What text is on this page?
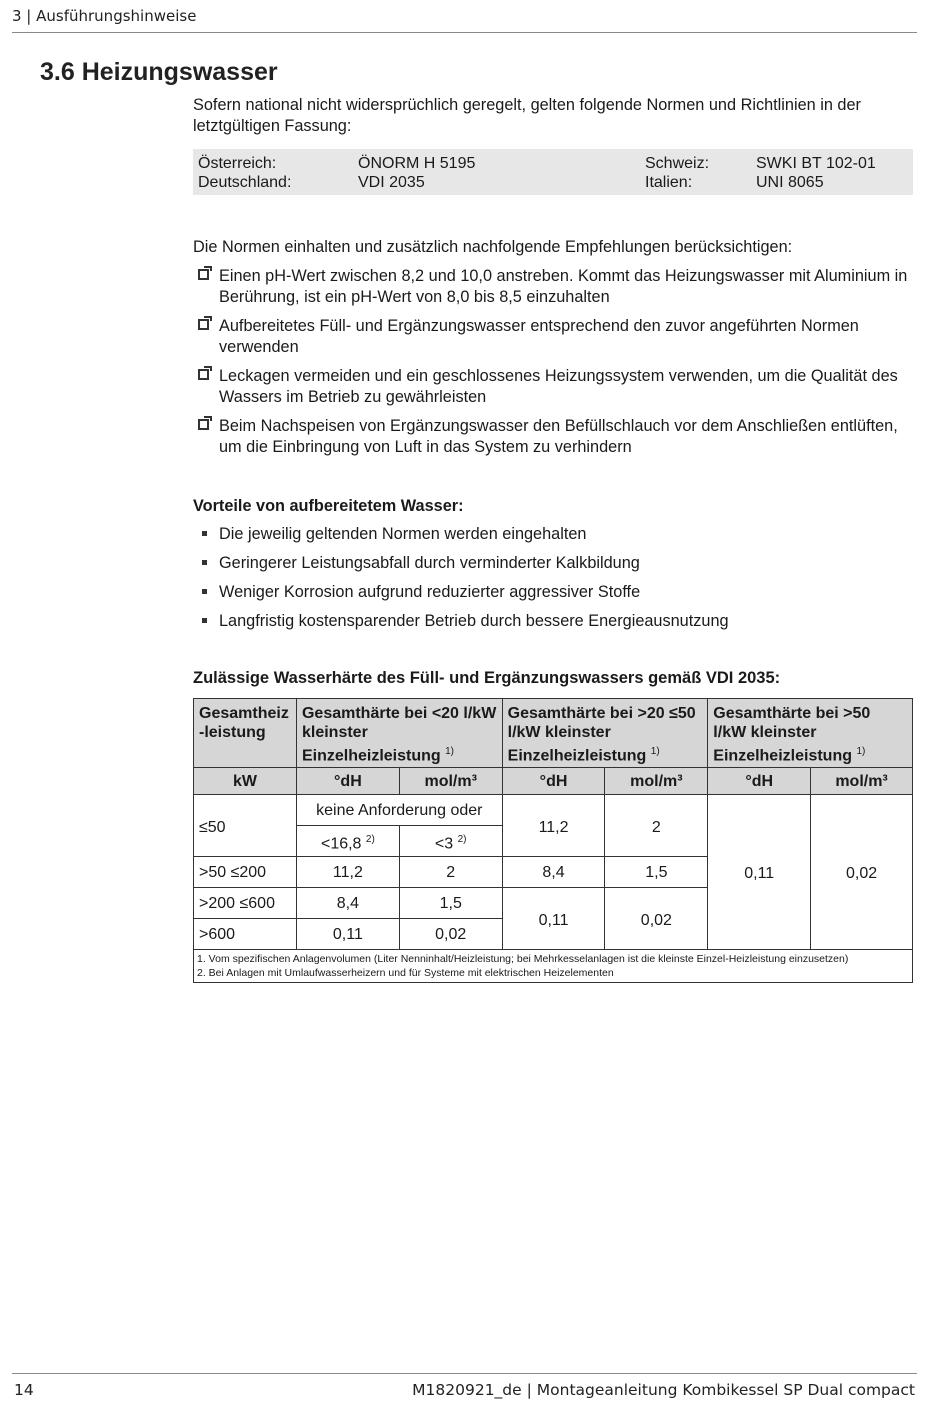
3 | Ausführungshinweise
3.6 Heizungswasser

Sofern national nicht widersprüchlich geregelt, gelten folgende Normen und Richtlinien in der letztgültigen Fassung:

Österreich:	ÖNORM H 5195
Deutschland:	VDI 2035
Schweiz:	SWKI BT 102-01
Italien:	UNI 8065
Die Normen einhalten und zusätzlich nachfolgende Empfehlungen berücksichtigen:
Einen pH-Wert zwischen 8,2 und 10,0 anstreben. Kommt das Heizungswasser mit Aluminium in Berührung, ist ein pH-Wert von 8,0 bis 8,5 einzuhalten
Aufbereitetes Füll- und Ergänzungswasser entsprechend den zuvor angeführten Normen verwenden
Leckagen vermeiden und ein geschlossenes Heizungssystem verwenden, um die Qualität des Wassers im Betrieb zu gewährleisten
Beim Nachspeisen von Ergänzungswasser den Befüllschlauch vor dem Anschließen entlüften, um die Einbringung von Luft in das System zu verhindern
Vorteile von aufbereitetem Wasser:
Die jeweilig geltenden Normen werden eingehalten
Geringerer Leistungsabfall durch verminderter Kalkbildung
Weniger Korrosion aufgrund reduzierter aggressiver Stoffe
Langfristig kostensparender Betrieb durch bessere Energieausnutzung
Zulässige Wasserhärte des Füll- und Ergänzungswassers gemäß VDI 2035:
Gesamtheiz -leistung	Gesamthärte bei <20 l/kW kleinster Einzelheizleistung $^{1)}$		Gesamthärte bei >20 ≤50 l/kW kleinster Einzelheizleistung $^{1)}$		Gesamthärte bei >50 l/kW kleinster Einzelheizleistung $^{1)}$
kW	°dH	mol/m³	°dH	mol/m³	°dH	mol/m³
≤50	keine Anforderung oder		11,2	2	0,11	0,02
	<16,8 $^{2)}$	<3 $^{2)}$
>50 ≤200	11,2	2	8,4	1,5		
>200 ≤600	8,4	1,5	0,11	0,02		
>600	0,11	0,02				

1. Vom spezifischen Anlagenvolumen (Liter Nenninhalt/Heizleistung; bei Mehrkesselanlagen ist die kleinste Einzel-Heizleistung einzusetzen)
2. Bei Anlagen mit Umlaufwasserheizern und für Systeme mit elektrischen Heizelementen						
14	M1820921_de | Montageanleitung Kombikessel SP Dual compact
